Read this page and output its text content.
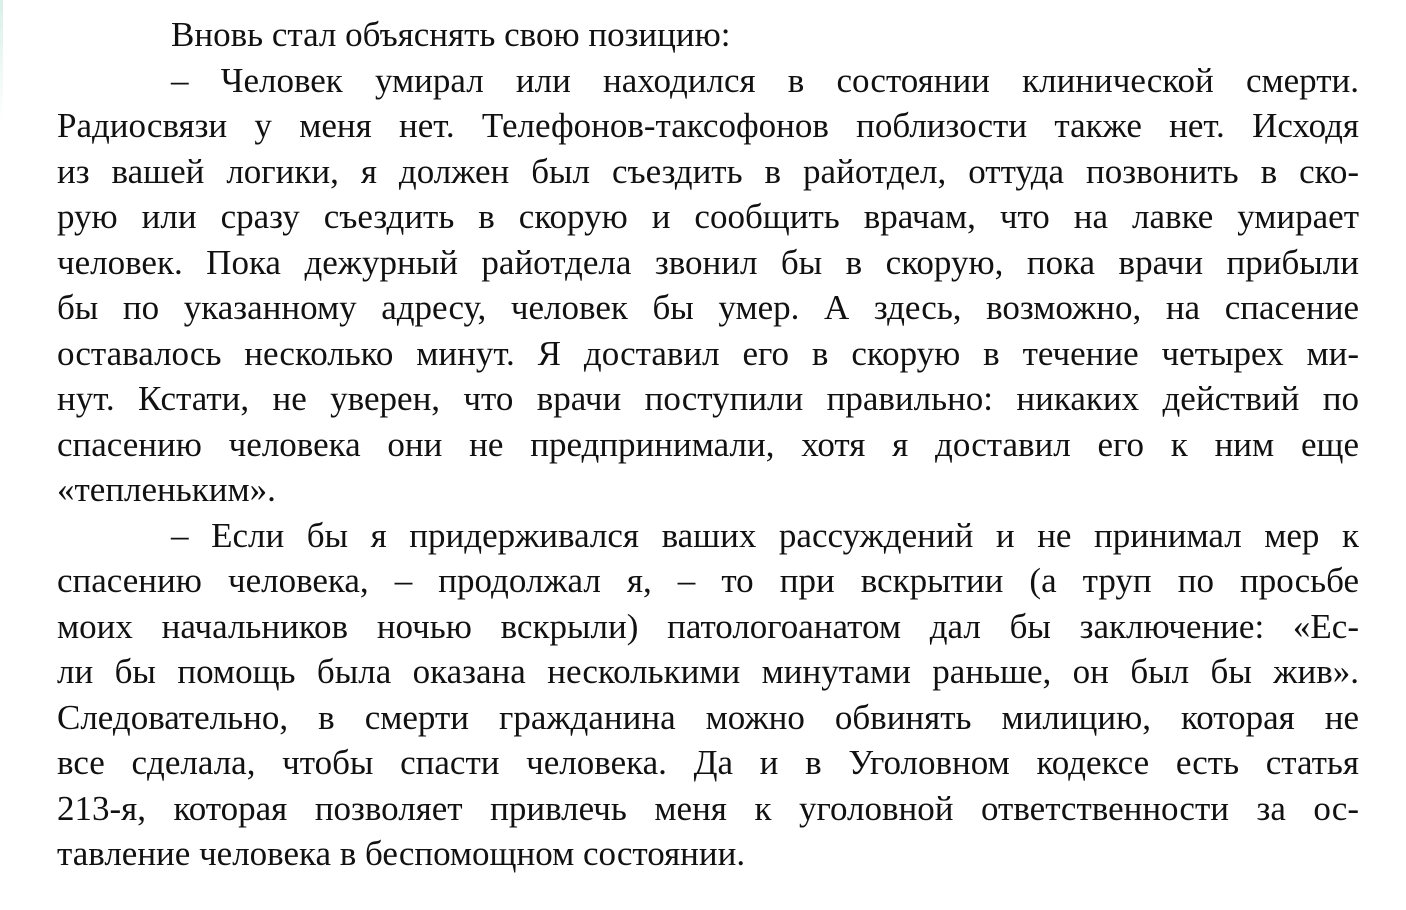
Вновь стал объяснять свою позицию:
– Человек умирал или находился в состоянии клинической смерти.
Радиосвязи у меня нет. Телефонов-таксофонов поблизости также нет. Исходя
из вашей логики, я должен был съездить в райотдел, оттуда позвонить в ско-
рую или сразу съездить в скорую и сообщить врачам, что на лавке умирает
человек. Пока дежурный райотдела звонил бы в скорую, пока врачи прибыли
бы по указанному адресу, человек бы умер. А здесь, возможно, на спасение
оставалось несколько минут. Я доставил его в скорую в течение четырех ми-
нут. Кстати, не уверен, что врачи поступили правильно: никаких действий по
спасению человека они не предпринимали, хотя я доставил его к ним еще
«тепленьким».
– Если бы я придерживался ваших рассуждений и не принимал мер к
спасению человека, – продолжал я, – то при вскрытии (а труп по просьбе
моих начальников ночью вскрыли) патологоанатом дал бы заключение: «Ес-
ли бы помощь была оказана несколькими минутами раньше, он был бы жив».
Следовательно, в смерти гражданина можно обвинять милицию, которая не
все сделала, чтобы спасти человека. Да и в Уголовном кодексе есть статья
213-я, которая позволяет привлечь меня к уголовной ответственности за ос-
тавление человека в беспомощном состоянии.
